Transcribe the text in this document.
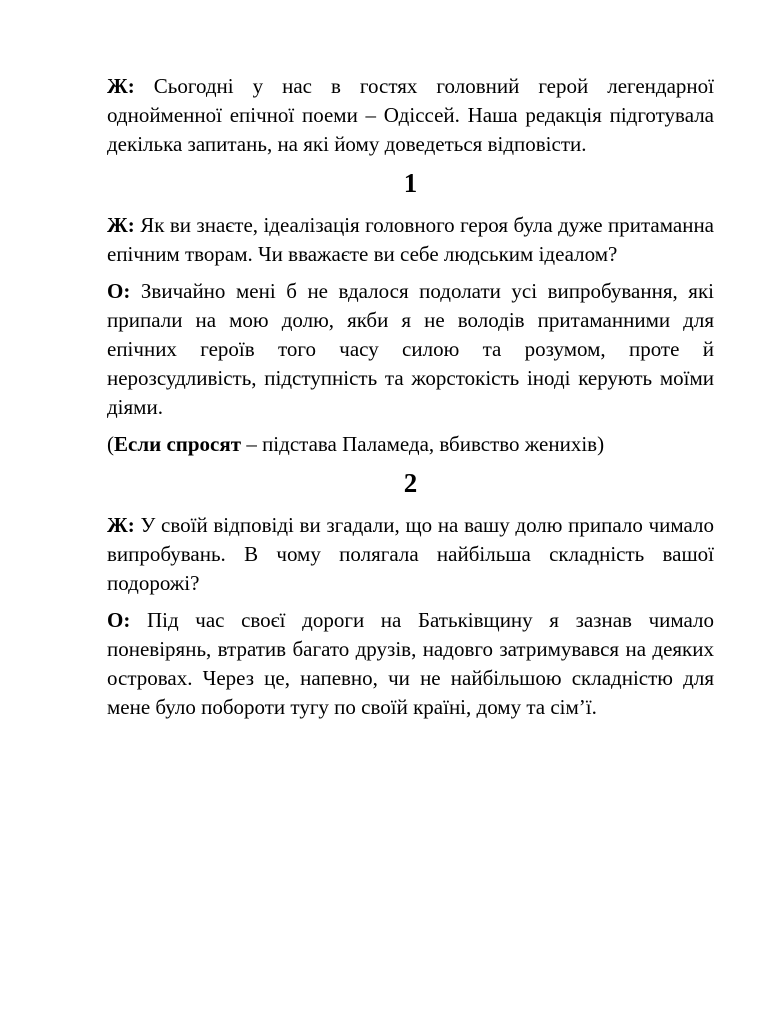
Ж: Сьогодні у нас в гостях головний герой легендарної однойменної епічної поеми – Одіссей. Наша редакція підготувала декілька запитань, на які йому доведеться відповісти.

1

Ж: Як ви знаєте, ідеалізація головного героя була дуже притаманна епічним творам. Чи вважаєте ви себе людським ідеалом?

О: Звичайно мені б не вдалося подолати усі випробування, які припали на мою долю, якби я не володів притаманними для епічних героїв того часу силою та розумом, проте й нерозсудливість, підступність та жорстокість іноді керують моїми діями.

(Если спросят – підстава Паламеда, вбивство женихів)

2

Ж: У своїй відповіді ви згадали, що на вашу долю припало чимало випробувань. В чому полягала найбільша складність вашої подорожі?

О: Під час своєї дороги на Батьківщину я зазнав чимало поневірянь, втратив багато друзів, надовго затримувався на деяких островах. Через це, напевно, чи не найбільшою складністю для мене було побороти тугу по своїй країні, дому та сім’ї.
